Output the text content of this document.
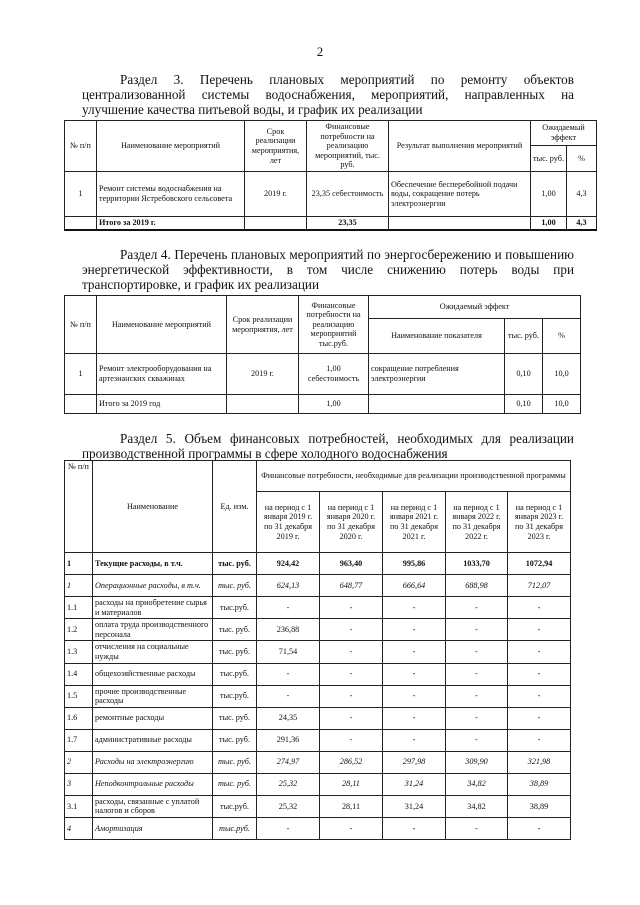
2
Раздел 3. Перечень плановых мероприятий по ремонту объектов централизованной системы водоснабжения, мероприятий, направленных на улучшение качества питьевой воды, и график их реализации
№ п/п	Наименование мероприятий	Срок реализации мероприятия, лет	Финансовые потребности на реализацию мероприятий, тыс. руб.	Результат выполнения мероприятий	Ожидаемый эффект	
					тыс. руб.	%
1	Ремонт системы водоснабжения на территории Ястребовского сельсовета	2019 г.	23,35 себестоимость	Обеспечение бесперебойной подачи воды, сокращение потерь электроэнергии	1,00	4,3
	Итого за 2019 г.		23,35		1,00	4,3
Раздел 4. Перечень плановых мероприятий по энергосбережению и повышению энергетической эффективности, в том числе снижению потерь воды при транспортировке, и график их реализации
№ п/п	Наименование мероприятий	Срок реализации мероприятия, лет	Финансовые потребности на реализацию мероприятий тыс.руб.	Ожидаемый эффект		
				Наименование показателя	тыс. руб.	%
1	Ремонт электрооборудования на артезианских скважинах	2019 г.	1,00 себестоимость	сокращение потребления электроэнергии	0,10	10,0
	Итого за 2019 год		1,00		0,10	10,0
Раздел 5. Объем финансовых потребностей, необходимых для реализации производственной программы в сфере холодного водоснабжения
№ п/п	Наименование	Ед. изм.	Финансовые потребности, необходимые для реализации производственной программы				
			на период с 1 января 2019 г. по 31 декабря 2019 г.	на период с 1 января 2020 г. по 31 декабря 2020 г.	на период с 1 января 2021 г. по 31 декабря 2021 г.	на период с 1 января 2022 г. по 31 декабря 2022 г.	на период с 1 января 2023 г. по 31 декабря 2023 г.
1	Текущие расходы, в т.ч.	тыс. руб.	924,42	963,40	995,86	1033,70	1072,94
1	Операционные расходы, в т.ч.	тыс. руб.	624,13	648,77	666,64	688,98	712,07
1.1	расходы на приобретение сырья и материалов	тыс.руб.	-	-	-	-	-
1.2	оплата труда производственного персонала	тыс. руб.	236,88	-	-	-	-
1.3	отчисления на социальные нужды	тыс. руб.	71,54	-	-	-	-
1.4	общехозяйственные расходы	тыс.руб.	-	-	-	-	-
1.5	прочие производственные расходы	тыс.руб.	-	-	-	-	-
1.6	ремонтные расходы	тыс. руб.	24,35	-	-	-	-
1.7	административные расходы	тыс. руб.	291,36	-	-	-	-
2	Расходы на электроэнергию	тыс. руб.	274,97	286,52	297,98	309,90	321,98
3	Неподконтрольные расходы	тыс. руб.	25,32	28,11	31,24	34,82	38,89
3.1	расходы, связанные с уплатой налогов и сборов	тыс.руб.	25,32	28,11	31,24	34,82	38,89
4	Амортизация	тыс.руб.	-	-	-	-	-
